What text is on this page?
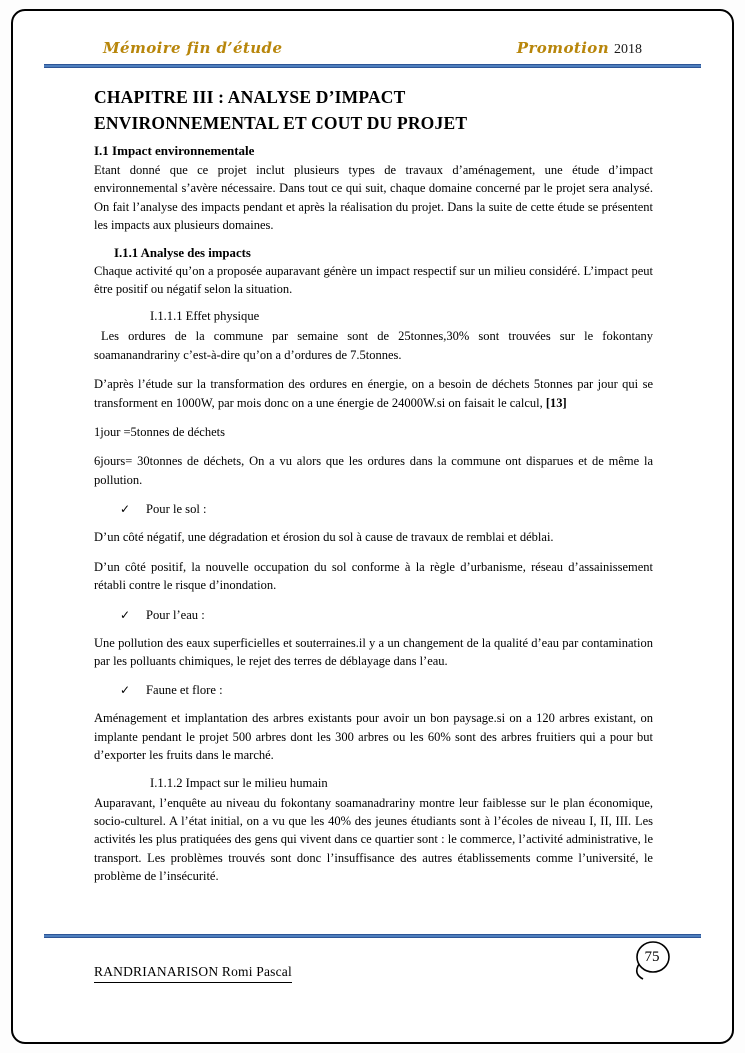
Mémoire fin d’étude	Promotion 2018
CHAPITRE III : ANALYSE D’IMPACT
ENVIRONNEMENTAL ET COUT DU PROJET
I.1 Impact environnementale

Etant donné que ce projet inclut plusieurs types de travaux d’aménagement, une étude d’impact environnemental s’avère nécessaire. Dans tout ce qui suit, chaque domaine concerné par le projet sera analysé. On fait l’analyse des impacts pendant et après la réalisation du projet. Dans la suite de cette étude se présentent les impacts aux plusieurs domaines.

I.1.1 Analyse des impacts

Chaque activité qu’on a proposée auparavant génère un impact respectif sur un milieu considéré. L’impact peut être positif ou négatif selon la situation.

I.1.1.1 Effet physique

Les ordures de la commune par semaine sont de 25tonnes,30% sont trouvées sur le fokontany soamanandrariny c’est-à-dire qu’on a d’ordures de 7.5tonnes.

D’après l’étude sur la transformation des ordures en énergie, on a besoin de déchets 5tonnes par jour qui se transforment en 1000W, par mois donc on a une énergie de 24000W.si on faisait le calcul, [13]

1jour =5tonnes de déchets

6jours= 30tonnes de déchets, On a vu alors que les ordures dans la commune ont disparues et de même la pollution.

✓ Pour le sol :

D’un côté négatif, une dégradation et érosion du sol à cause de travaux de remblai et déblai.

D’un côté positif, la nouvelle occupation du sol conforme à la règle d’urbanisme, réseau d’assainissement rétabli contre le risque d’inondation.

✓ Pour l’eau :

Une pollution des eaux superficielles et souterraines.il y a un changement de la qualité d’eau par contamination par les polluants chimiques, le rejet des terres de déblayage dans l’eau.

✓ Faune et flore :

Aménagement et implantation des arbres existants pour avoir un bon paysage.si on a 120 arbres existant, on implante pendant le projet 500 arbres dont les 300 arbres ou les 60% sont des arbres fruitiers qui a pour but d’exporter les fruits dans le marché.

I.1.1.2 Impact sur le milieu humain

Auparavant, l’enquête au niveau du fokontany soamanadrariny montre leur faiblesse sur le plan économique, socio-culturel. A l’état initial, on a vu que les 40% des jeunes étudiants sont à l’écoles de niveau I, II, III. Les activités les plus pratiquées des gens qui vivent dans ce quartier sont : le commerce, l’activité administrative, le transport. Les problèmes trouvés sont donc l’insuffisance des autres établissements comme l’université, le problème de l’insécurité.

RANDRIANARISON Romi Pascal
75
